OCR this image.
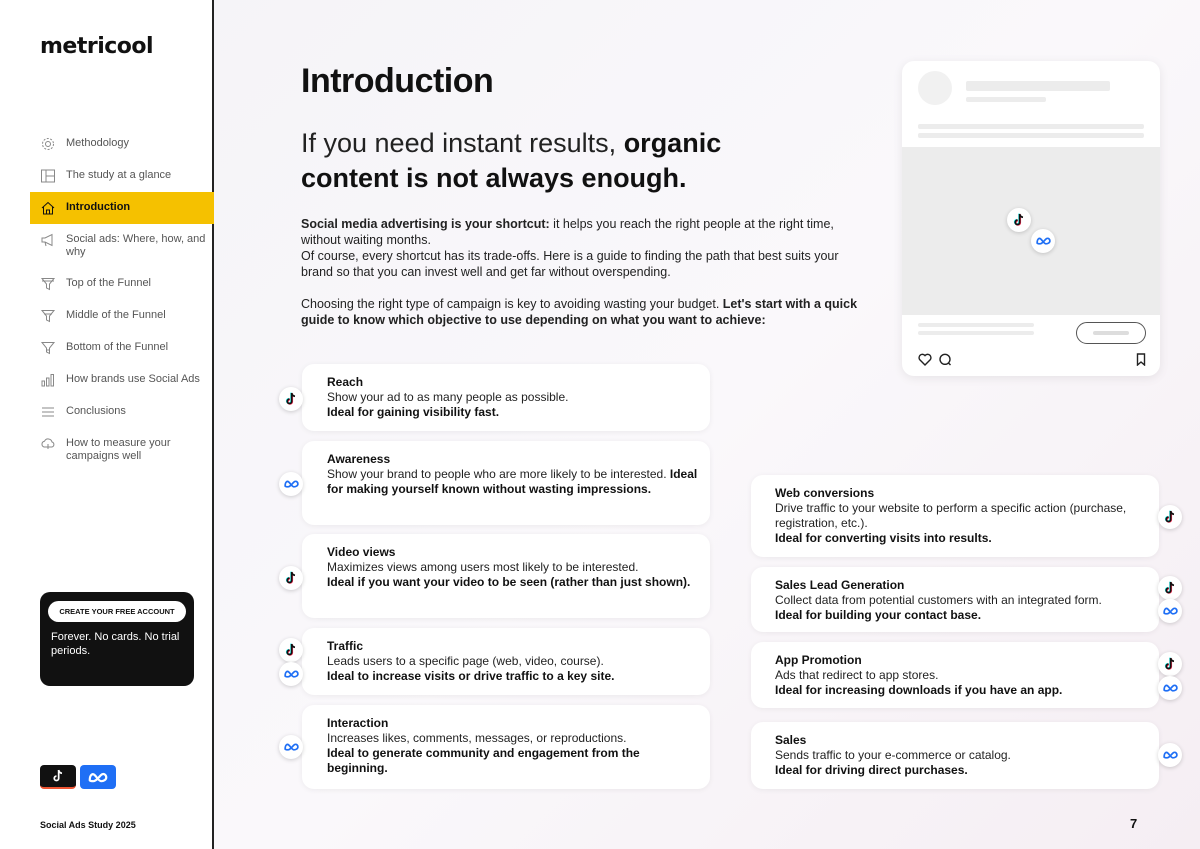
metricool
Methodology
The study at a glance
Introduction
Social ads: Where, how, and why
Top of the Funnel
Middle of the Funnel
Bottom of the Funnel
How brands use Social Ads
Conclusions
How to measure your campaigns well
CREATE YOUR FREE ACCOUNT
Forever. No cards. No trial periods.
Social Ads Study 2025
Introduction
If you need instant results, organic content is not always enough.

Social media advertising is your shortcut: it helps you reach the right people at the right time, without waiting months.
Of course, every shortcut has its trade-offs. Here is a guide to finding the path that best suits your brand so that you can invest well and get far without overspending.

Choosing the right type of campaign is key to avoiding wasting your budget. Let's start with a quick guide to know which objective to use depending on what you want to achieve:

Reach
Show your ad to as many people as possible.
Ideal for gaining visibility fast.
Awareness
Show your brand to people who are more likely to be interested. Ideal for making yourself known without wasting impressions.
Video views
Maximizes views among users most likely to be interested.
Ideal if you want your video to be seen (rather than just shown).
Traffic
Leads users to a specific page (web, video, course).
Ideal to increase visits or drive traffic to a key site.
Interaction
Increases likes, comments, messages, or reproductions.
Ideal to generate community and engagement from the beginning.
Web conversions
Drive traffic to your website to perform a specific action (purchase, registration, etc.).
Ideal for converting visits into results.
Sales Lead Generation
Collect data from potential customers with an integrated form.
Ideal for building your contact base.
App Promotion
Ads that redirect to app stores.
Ideal for increasing downloads if you have an app.
Sales
Sends traffic to your e-commerce or catalog.
Ideal for driving direct purchases.
7
